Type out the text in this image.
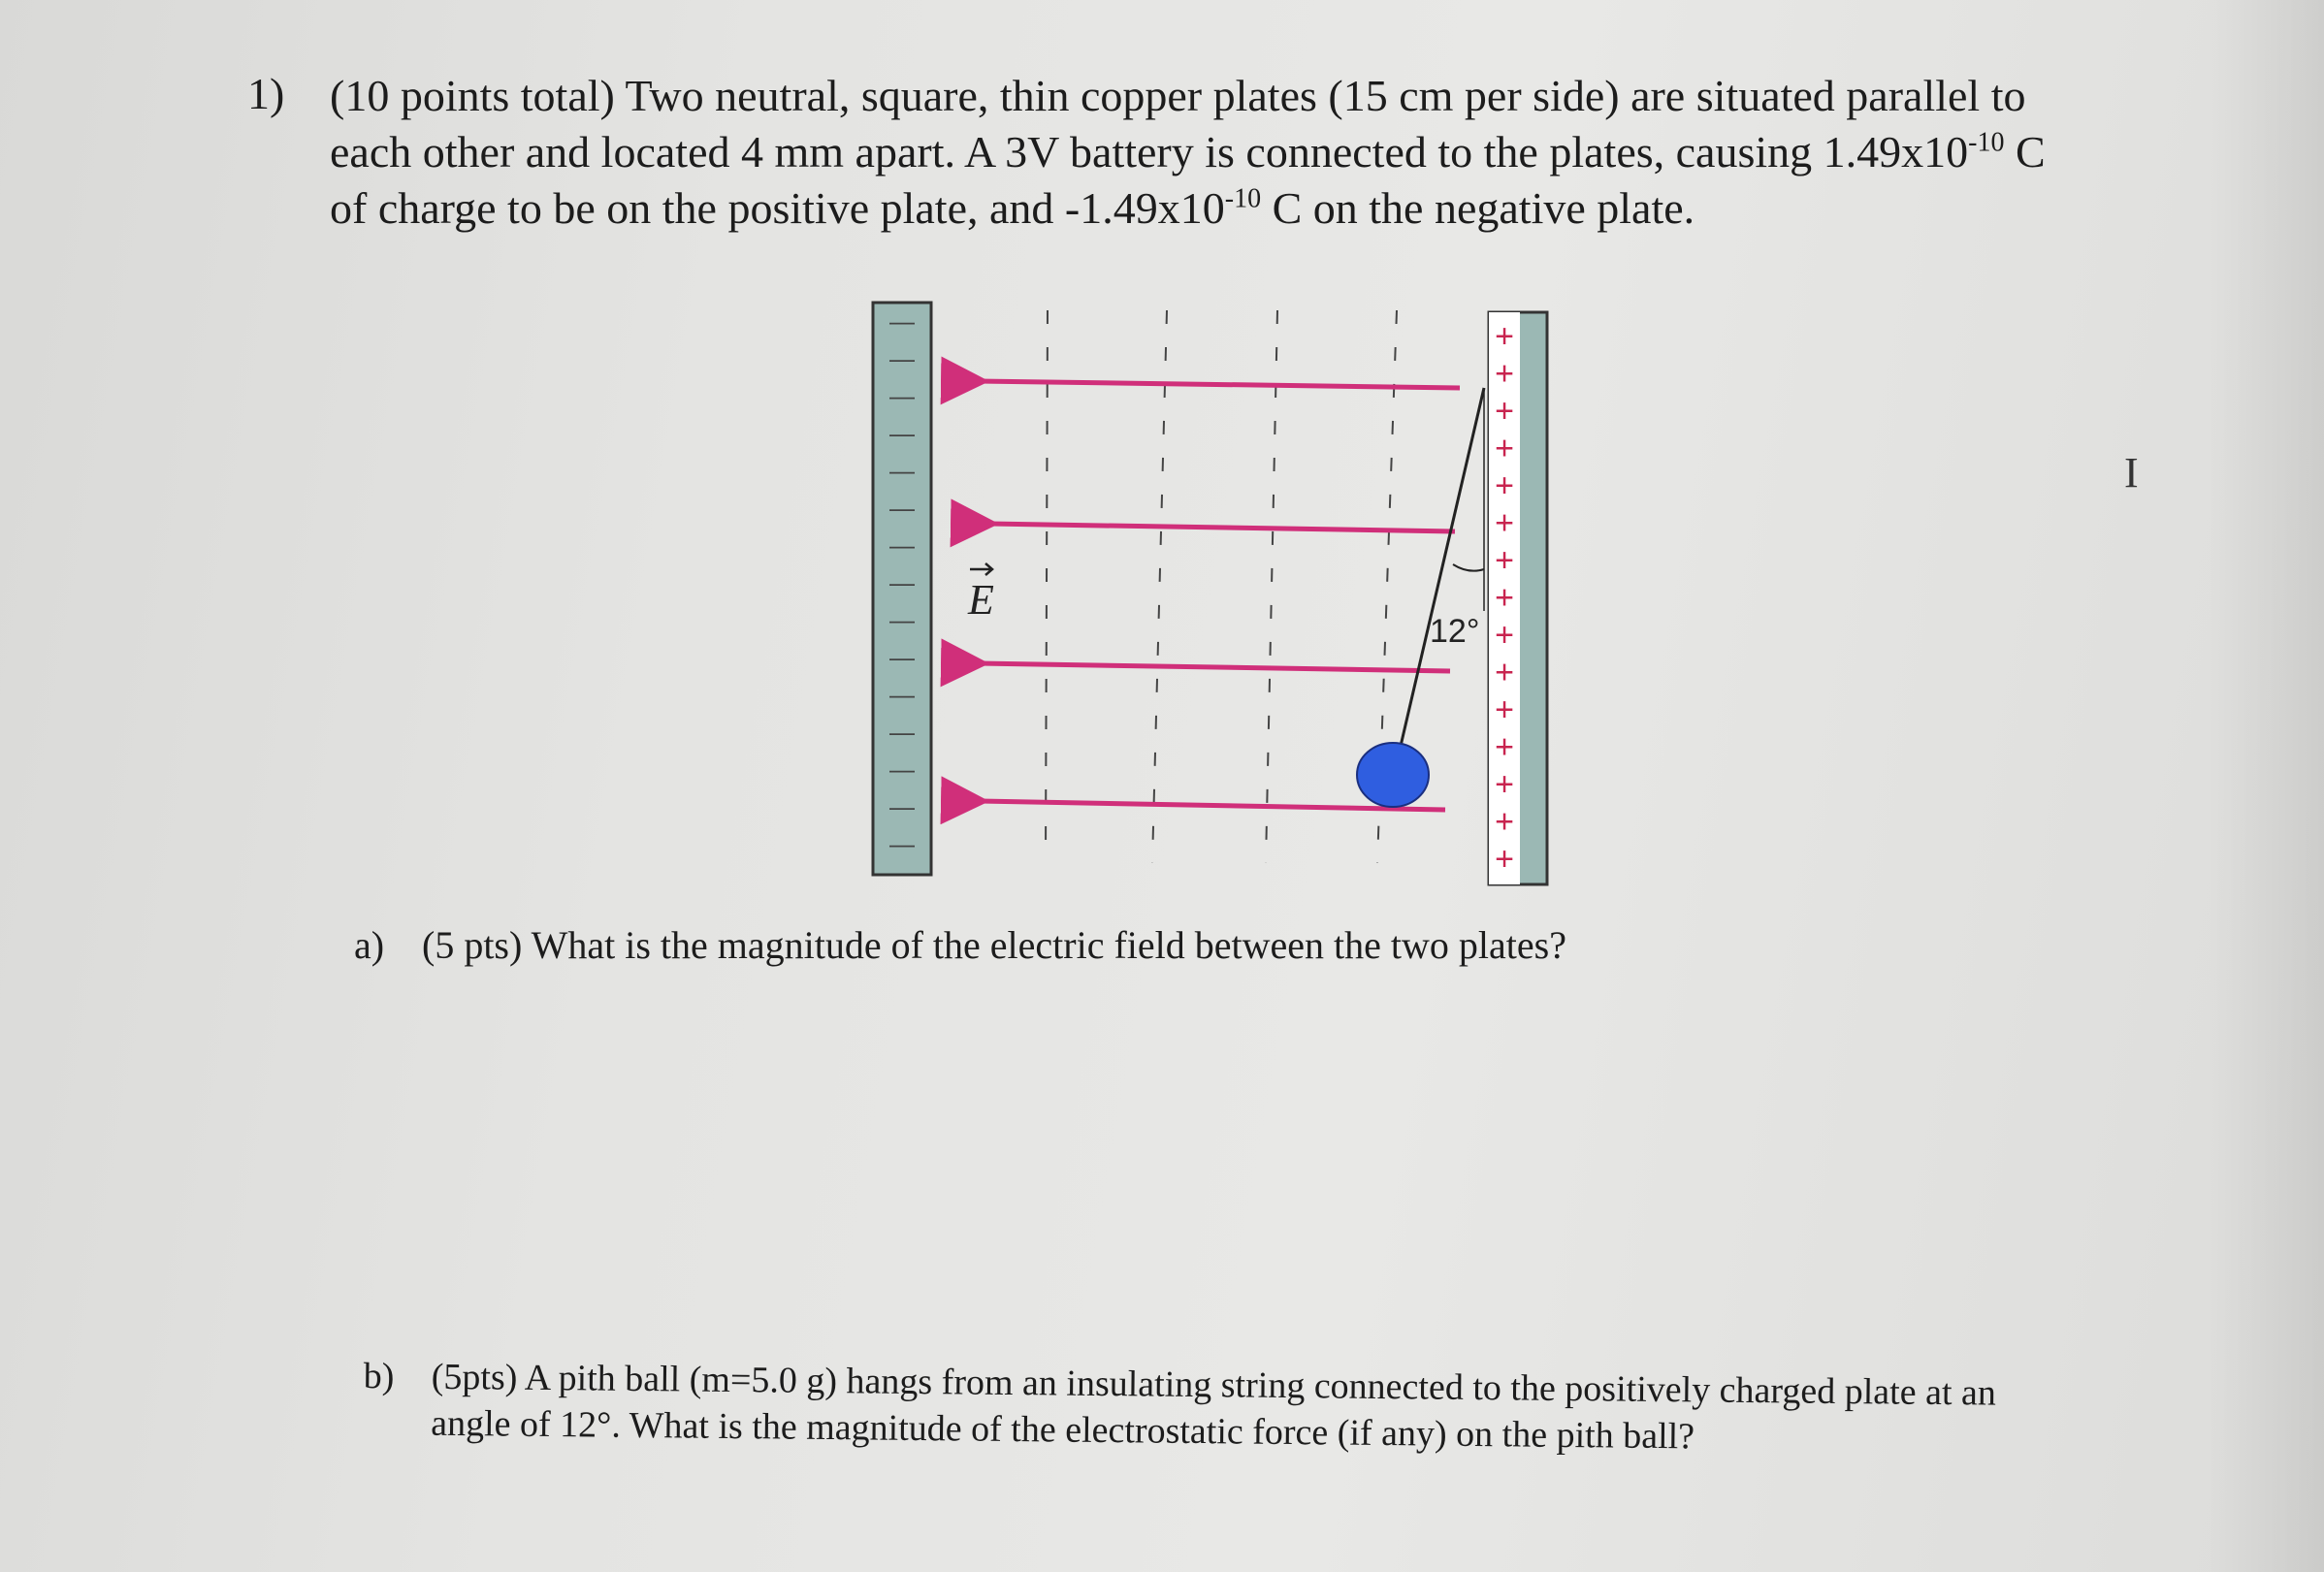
1) (10 points total) Two neutral, square, thin copper plates (15 cm per side) are situated parallel to each other and located 4 mm apart. A 3V battery is connected to the plates, causing $1.49x10^{-10}$ C of charge to be on the positive plate, and $-1.49x10^{-10}$ C on the negative plate.
—
—
—
—
—
—
—
—
—
—
—
—
—
—
—
+
+
+
+
+
+
+
+
+
+
+
+
+
+
+
12°
E
a) (5 pts) What is the magnitude of the electric field between the two plates?
b) (5pts) A pith ball (m=5.0 g) hangs from an insulating string connected to the positively charged plate at an angle of 12°. What is the magnitude of the electrostatic force (if any) on the pith ball?
I
